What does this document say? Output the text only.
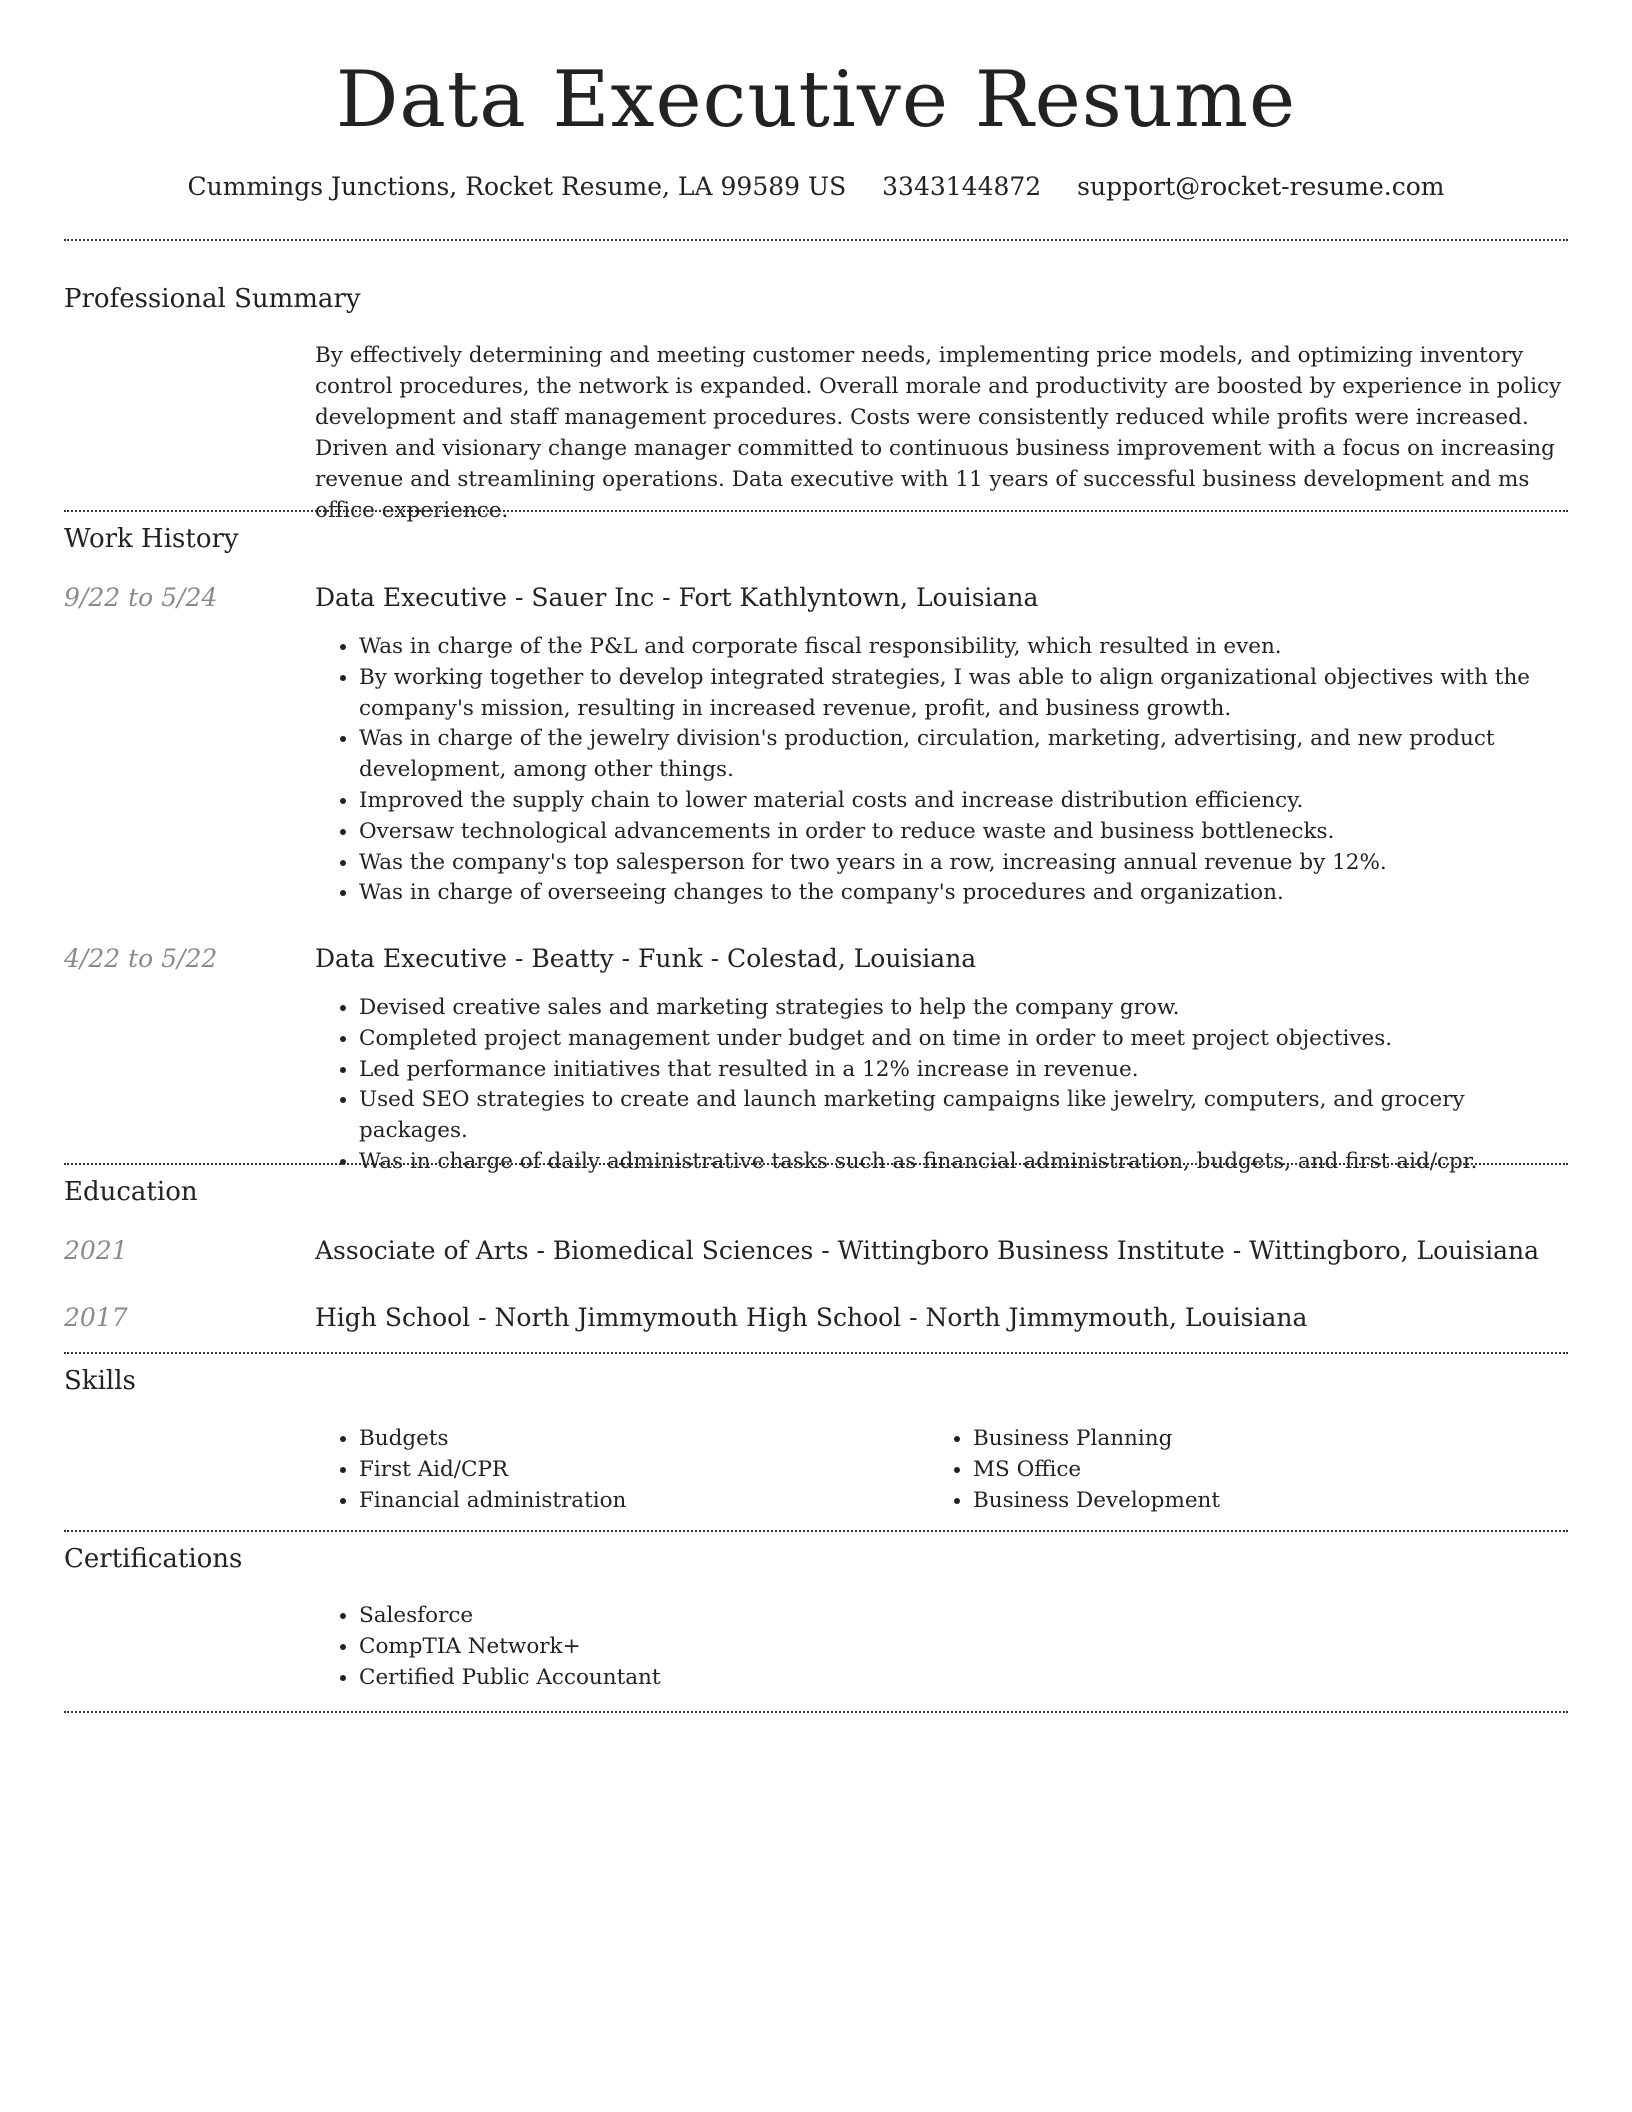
Data Executive Resume
Cummings Junctions, Rocket Resume, LA 99589 US 3343144872 support@rocket-resume.com
Professional Summary
By effectively determining and meeting customer needs, implementing price models, and optimizing inventory control procedures, the network is expanded. Overall morale and productivity are boosted by experience in policy development and staff management procedures. Costs were consistently reduced while profits were increased. Driven and visionary change manager committed to continuous business improvement with a focus on increasing revenue and streamlining operations. Data executive with 11 years of successful business development and ms office experience.
Work History
9/22 to 5/24	Data Executive - Sauer Inc - Fort Kathlyntown, Louisiana
• Was in charge of the P&L and corporate fiscal responsibility, which resulted in even.
• By working together to develop integrated strategies, I was able to align organizational objectives with the company's mission, resulting in increased revenue, profit, and business growth.
• Was in charge of the jewelry division's production, circulation, marketing, advertising, and new product development, among other things.
• Improved the supply chain to lower material costs and increase distribution efficiency.
• Oversaw technological advancements in order to reduce waste and business bottlenecks.
• Was the company's top salesperson for two years in a row, increasing annual revenue by 12%.
• Was in charge of overseeing changes to the company's procedures and organization.
4/22 to 5/22	Data Executive - Beatty - Funk - Colestad, Louisiana
• Devised creative sales and marketing strategies to help the company grow.
• Completed project management under budget and on time in order to meet project objectives.
• Led performance initiatives that resulted in a 12% increase in revenue.
• Used SEO strategies to create and launch marketing campaigns like jewelry, computers, and grocery packages.
• Was in charge of daily administrative tasks such as financial administration, budgets, and first aid/cpr.
Education
2021	Associate of Arts - Biomedical Sciences - Wittingboro Business Institute - Wittingboro, Louisiana
2017	High School - North Jimmymouth High School - North Jimmymouth, Louisiana
Skills
• Budgets
• First Aid/CPR
• Financial administration
• Business Planning
• MS Office
• Business Development
Certifications
• Salesforce
• CompTIA Network+
• Certified Public Accountant
